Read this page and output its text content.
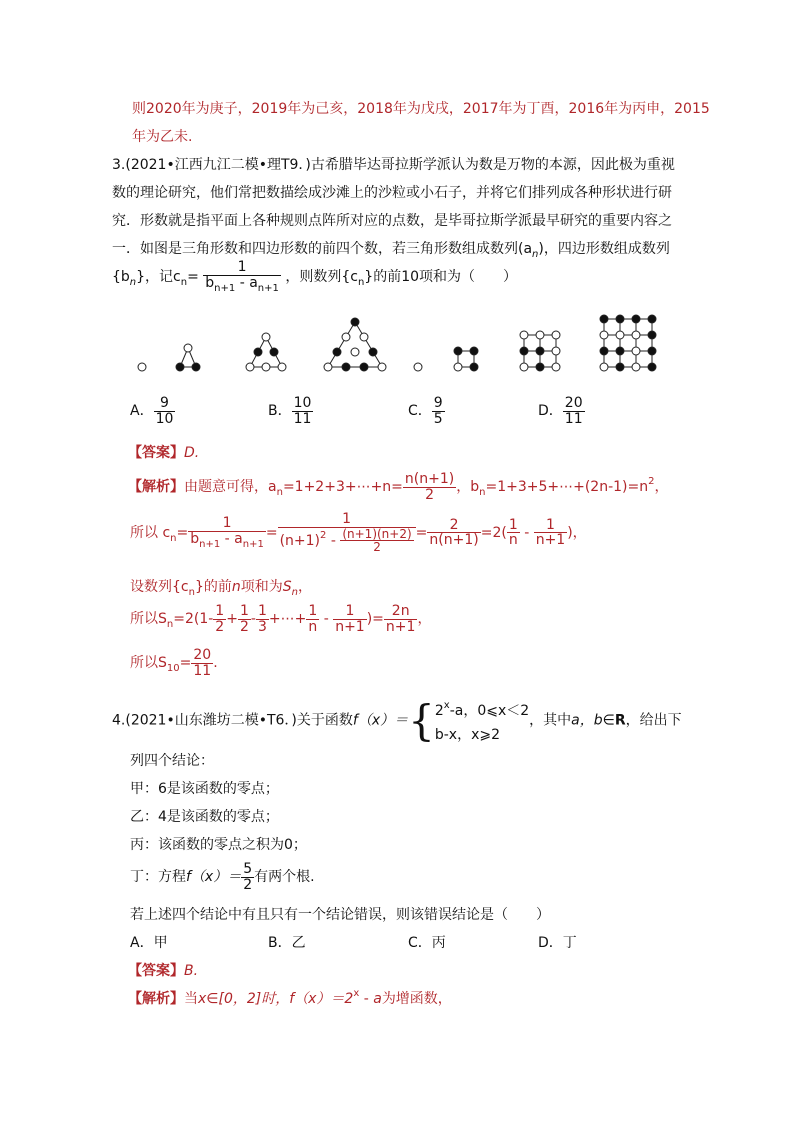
则2020年为庚子，2019年为己亥，2018年为戊戌，2017年为丁酉，2016年为丙申，2015
年为乙未.
3.(2021•江西九江二模•理T9．)古希腊毕达哥拉斯学派认为数是万物的本源，因此极为重视
数的理论研究，他们常把数描绘成沙滩上的沙粒或小石子，并将它们排列成各种形状进行研
究．形数就是指平面上各种规则点阵所对应的点数，是毕哥拉斯学派最早研究的重要内容之
一．如图是三角形数和四边形数的前四个数，若三角形数组成数列$(a_n)$，四边形数组成数列
$\{b_n\}$，记$c_n= \frac{1}{b_{n+1} - a_{n+1}}$ ，则数列$\{c_n\}$的前10项和为（　　）
A． $\frac{9}{10}$	B． $\frac{10}{11}$	C． $\frac{9}{5}$	D． $\frac{20}{11}$
【答案】D.
【解析】由题意可得，$a_n=1+2+3+\cdots+n= \frac{n(n+1)}{2}$ ，$b_n=1+3+5+\cdots+(2n-1)=n^2$，
所以 $c_n= \frac{1}{b_{n+1} - a_{n+1}} = \frac{1}{(n+1)^2 - \frac{(n+1)(n+2)}{2}} = \frac{2}{n(n+1)} =2( \frac{1}{n} - \frac{1}{n+1}$ )，
设数列$\{c_n\}$的前n项和为$S_n$，
所以$S_n=2(1- \frac{1}{2} + \frac{1}{2} - \frac{1}{3}$ +⋯+ $\frac{1}{n} - \frac{1}{n+1}$ )= $\frac{2n}{n+1}$ ，
所以$S_{10}= \frac{20}{11}$ .
4.(2021•山东潍坊二模•T6．)关于函数f（x）＝{ 2$^x$-a，0⩽x＜2
b-x，x⩾2
，其中a，b∈R，给出下
列四个结论：
甲：6是该函数的零点；
乙：4是该函数的零点；
丙：该函数的零点之积为0；
丁：方程$f(x)= \frac{5}{2}$ 有两个根.
若上述四个结论中有且只有一个结论错误，则该错误结论是（　　）
A．甲	B．乙	C．丙	D．丁
【答案】B.
【解析】当x∈[0，2]时，$f(x)=2^x - a$为增函数，
